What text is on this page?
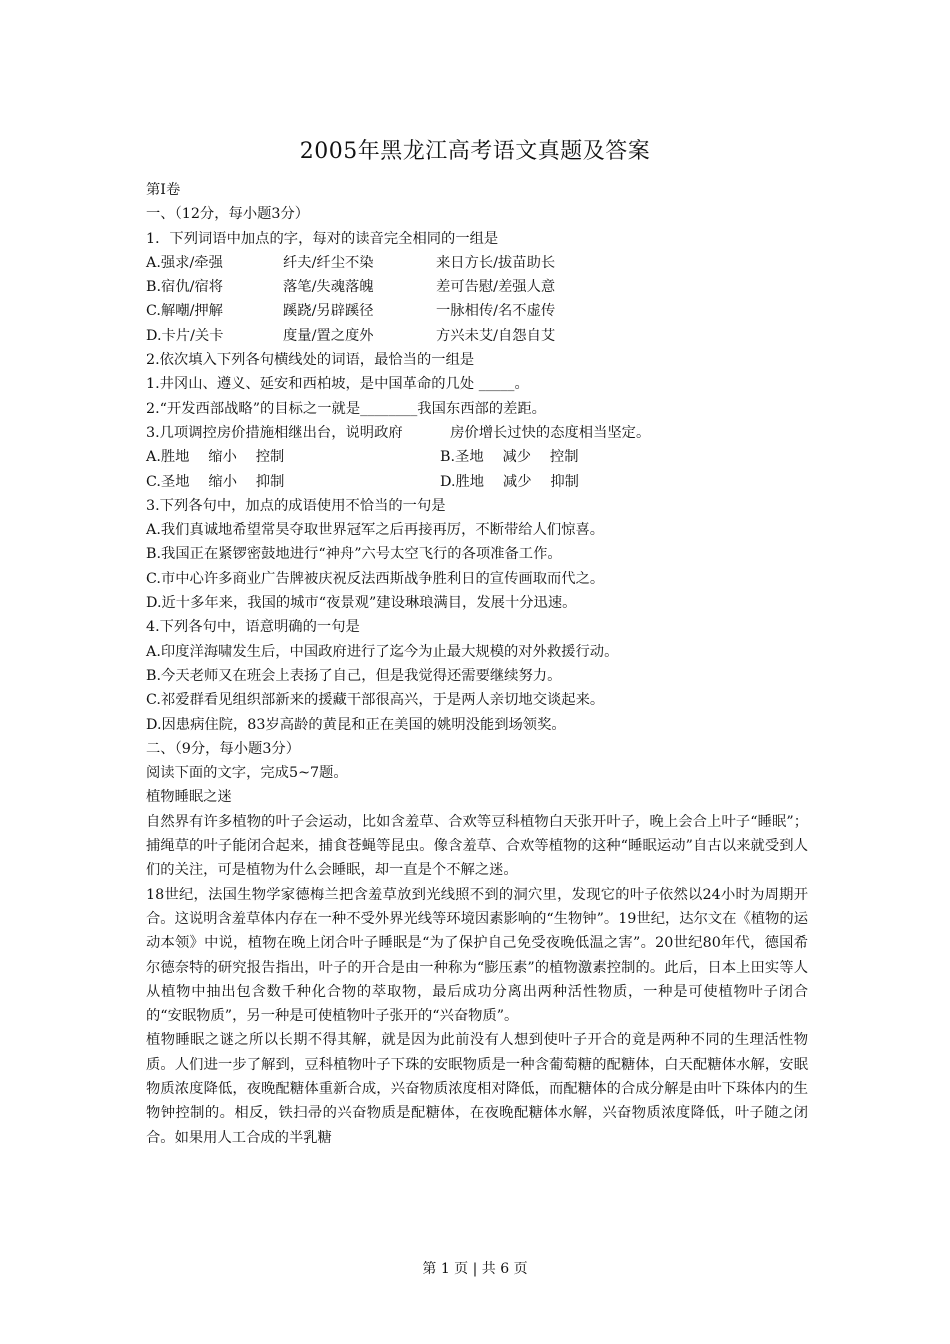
2005年黑龙江高考语文真题及答案
第Ⅰ卷
一、（12分，每小题3分）
1．下列词语中加点的字，每对的读音完全相同的一组是
A.强求/牵强	纤夫/纤尘不染	来日方长/拔苗助长
B.宿仇/宿将	落笔/失魂落魄	差可告慰/差强人意
C.解嘲/押解	蹊跷/另辟蹊径	一脉相传/名不虚传
D.卡片/关卡	度量/置之度外	方兴未艾/自怨自艾
2.依次填入下列各句横线处的词语，最恰当的一组是
1.井冈山、遵义、延安和西柏坡，是中国革命的几处 _____。
2.“开发西部战略”的目标之一就是________我国东西部的差距。
3.几项调控房价措施相继出台，说明政府　　　 房价增长过快的态度相当坚定。
A.胜地　 缩小　 控制	B.圣地　 减少　 控制
C.圣地　 缩小　 抑制	D.胜地　 减少　 抑制
3.下列各句中，加点的成语使用不恰当的一句是
A.我们真诚地希望常昊夺取世界冠军之后再接再厉，不断带给人们惊喜。
B.我国正在紧锣密鼓地进行“神舟”六号太空飞行的各项准备工作。
C.市中心许多商业广告牌被庆祝反法西斯战争胜利日的宣传画取而代之。
D.近十多年来，我国的城市“夜景观”建设琳琅满目，发展十分迅速。
4.下列各句中，语意明确的一句是
A.印度洋海啸发生后，中国政府进行了迄今为止最大规模的对外救援行动。
B.今天老师又在班会上表扬了自己，但是我觉得还需要继续努力。
C.祁爱群看见组织部新来的援藏干部很高兴，于是两人亲切地交谈起来。
D.因患病住院，83岁高龄的黄昆和正在美国的姚明没能到场领奖。
二、（9分，每小题3分）
阅读下面的文字，完成5~7题。
植物睡眠之迷
自然界有许多植物的叶子会运动，比如含羞草、合欢等豆科植物白天张开叶子，晚上会合上叶子“睡眠”；捕绳草的叶子能闭合起来，捕食苍蝇等昆虫。像含羞草、合欢等植物的这种“睡眠运动”自古以来就受到人们的关注，可是植物为什么会睡眠，却一直是个不解之迷。
18世纪，法国生物学家德梅兰把含羞草放到光线照不到的洞穴里，发现它的叶子依然以24小时为周期开合。这说明含羞草体内存在一种不受外界光线等环境因素影响的“生物钟”。19世纪，达尔文在《植物的运动本领》中说，植物在晚上闭合叶子睡眠是“为了保护自己免受夜晚低温之害”。20世纪80年代，德国希尔德奈特的研究报告指出，叶子的开合是由一种称为“膨压素”的植物激素控制的。此后，日本上田实等人从植物中抽出包含数千种化合物的萃取物，最后成功分离出两种活性物质，一种是可使植物叶子闭合的“安眠物质”，另一种是可使植物叶子张开的“兴奋物质”。
植物睡眠之谜之所以长期不得其解，就是因为此前没有人想到使叶子开合的竟是两种不同的生理活性物质。人们进一步了解到，豆科植物叶子下珠的安眠物质是一种含葡萄糖的配糖体，白天配糖体水解，安眠物质浓度降低，夜晚配糖体重新合成，兴奋物质浓度相对降低，而配糖体的合成分解是由叶下珠体内的生物钟控制的。相反，铁扫帚的兴奋物质是配糖体，在夜晚配糖体水解，兴奋物质浓度降低，叶子随之闭合。如果用人工合成的半乳糖
第 1 页 | 共 6 页
